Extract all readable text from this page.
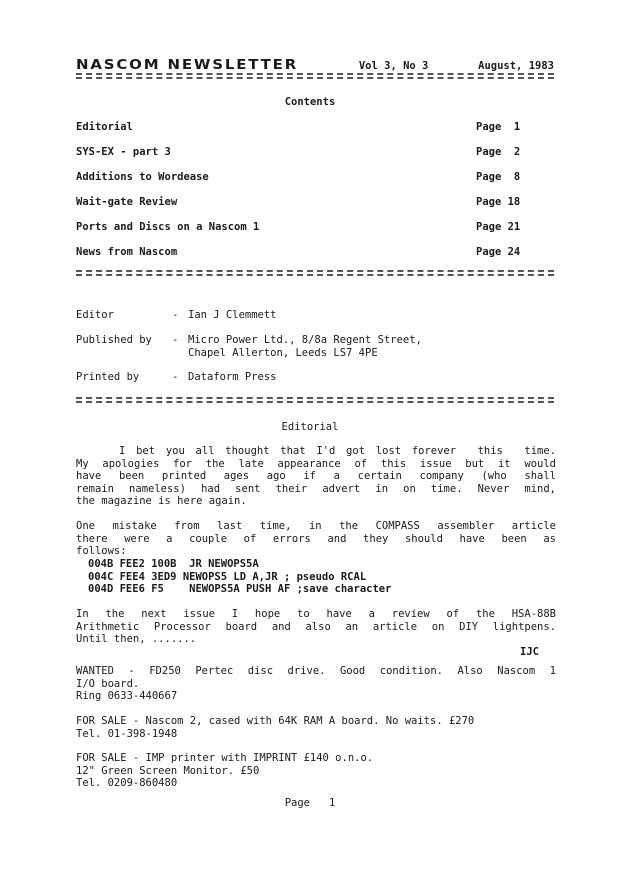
NASCOM NEWSLETTER	Vol 3, No 3	August, 1983
Contents
Editorial	Page  1
SYS-EX - part 3	Page  2
Additions to Wordease	Page  8
Wait-gate Review	Page 18
Ports and Discs on a Nascom 1	Page 21
News from Nascom	Page 24
Editor	- Ian J Clemmett
Published by	- Micro Power Ltd., 8/8a Regent Street,
Chapel Allerton, Leeds LS7 4PE
Printed by	- Dataform Press
Editorial
I bet you all thought that I'd got lost forever  this  time.
My apologies for the late appearance of this issue but it would
have been printed ages ago if a certain company (who shall
remain nameless) had sent their advert in on time. Never mind,
the magazine is here again.
One mistake from last time, in the COMPASS assembler article
there were a couple of errors and they should have been as
follows:
004B FEE2 100B  JR NEWOPS5A
004C FEE4 3ED9 NEWOPS5 LD A,JR ; pseudo RCAL
004D FEE6 F5    NEWOPS5A PUSH AF ;save character
In the next issue I hope to have a review of the HSA-88B
Arithmetic Processor board and also an article on DIY lightpens.
Until then, .......
IJC
WANTED - FD250 Pertec disc drive. Good condition. Also Nascom 1
I/O board.
Ring 0633-440667
FOR SALE - Nascom 2, cased with 64K RAM A board. No waits. £270
Tel. 01-398-1948
FOR SALE - IMP printer with IMPRINT £140 o.n.o.
12" Green Screen Monitor. £50
Tel. 0209-860480
Page   1
